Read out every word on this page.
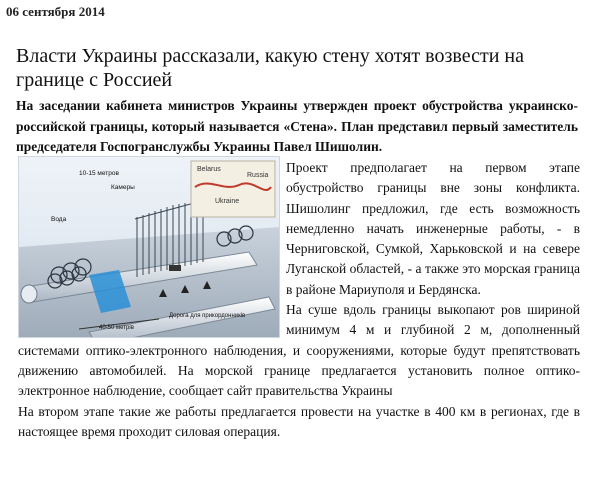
06 сентября 2014
Власти Украины рассказали, какую стену хотят возвести на границе с Россией

На заседании кабинета министров Украины утвержден проект обустройства украинско-российской границы, который называется «Стена». План представил первый заместитель председателя Госпогранслужбы Украины Павел Шишолин.

Проект предполагает на первом этапе обустройство границы вне зоны конфликта. Шишолинг предложил, где есть возможность немедленно начать инженерные работы, - в Черниговской, Сумкой, Харьковской и на севере Луганской областей, - а также это морская граница в районе Мариуполя и Бердянска.

На суше вдоль границы выкопают ров шириной минимум 4 м и глубиной 2 м, дополненный системами оптико-электронного наблюдения, и сооружениями, которые будут препятствовать движению автомобилей. На морской границе предлагается установить полное оптико-электронное наблюдение, сообщает сайт правительства Украины

На втором этапе такие же работы предлагается провести на участке в 400 км в регионах, где в настоящее время проходит силовая операция.

Belarus
Russia
Ukraine
10-15 метров
Камеры
Вода
Дорога для прикордонників
40-50 метрів
